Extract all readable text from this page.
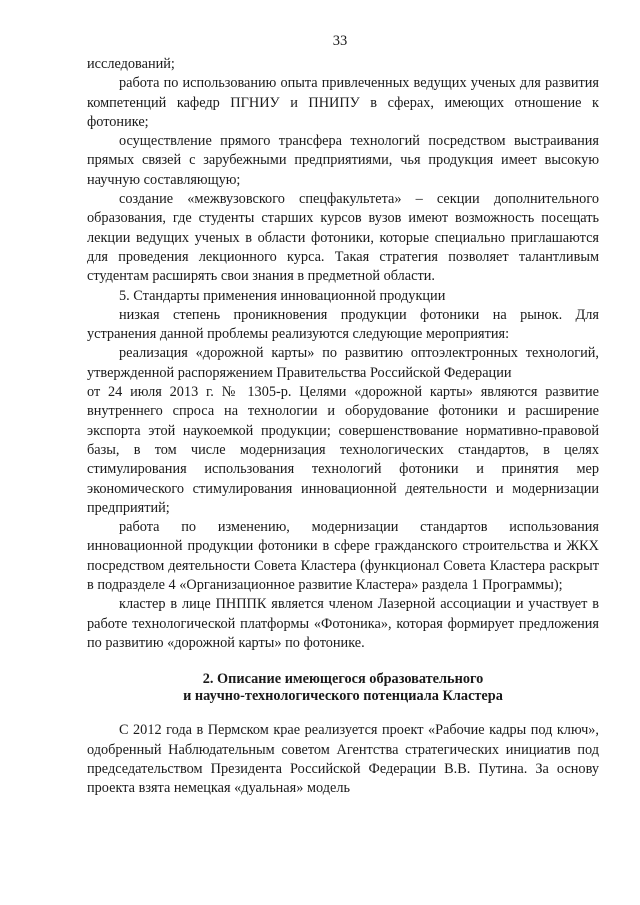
33

исследований;

работа по использованию опыта привлеченных ведущих ученых для развития компетенций кафедр ПГНИУ и ПНИПУ в сферах, имеющих отношение к фотонике;

осуществление прямого трансфера технологий посредством выстраивания прямых связей с зарубежными предприятиями, чья продукция имеет высокую научную составляющую;

создание «межвузовского спецфакультета» – секции дополнительного образования, где студенты старших курсов вузов имеют возможность посещать лекции ведущих ученых в области фотоники, которые специально приглашаются для проведения лекционного курса. Такая стратегия позволяет талантливым студентам расширять свои знания в предметной области.

5. Стандарты применения инновационной продукции

низкая степень проникновения продукции фотоники на рынок. Для устранения данной проблемы реализуются следующие мероприятия:

реализация «дорожной карты» по развитию оптоэлектронных технологий, утвержденной распоряжением Правительства Российской Федерации

от 24 июля 2013 г. № 1305-р. Целями «дорожной карты» являются развитие внутреннего спроса на технологии и оборудование фотоники и расширение экспорта этой наукоемкой продукции; совершенствование нормативно-правовой базы, в том числе модернизация технологических стандартов, в целях стимулирования использования технологий фотоники и принятия мер экономического стимулирования инновационной деятельности и модернизации предприятий;

работа по изменению, модернизации стандартов использования инновационной продукции фотоники в сфере гражданского строительства и ЖКХ посредством деятельности Совета Кластера (функционал Совета Кластера раскрыт в подразделе 4 «Организационное развитие Кластера» раздела 1 Программы);

кластер в лице ПНППК является членом Лазерной ассоциации и участвует в работе технологической платформы «Фотоника», которая формирует предложения по развитию «дорожной карты» по фотонике.

2. Описание имеющегося образовательного
и научно-технологического потенциала Кластера

С 2012 года в Пермском крае реализуется проект «Рабочие кадры под ключ», одобренный Наблюдательным советом Агентства стратегических инициатив под председательством Президента Российской Федерации В.В. Путина. За основу проекта взята немецкая «дуальная» модель
